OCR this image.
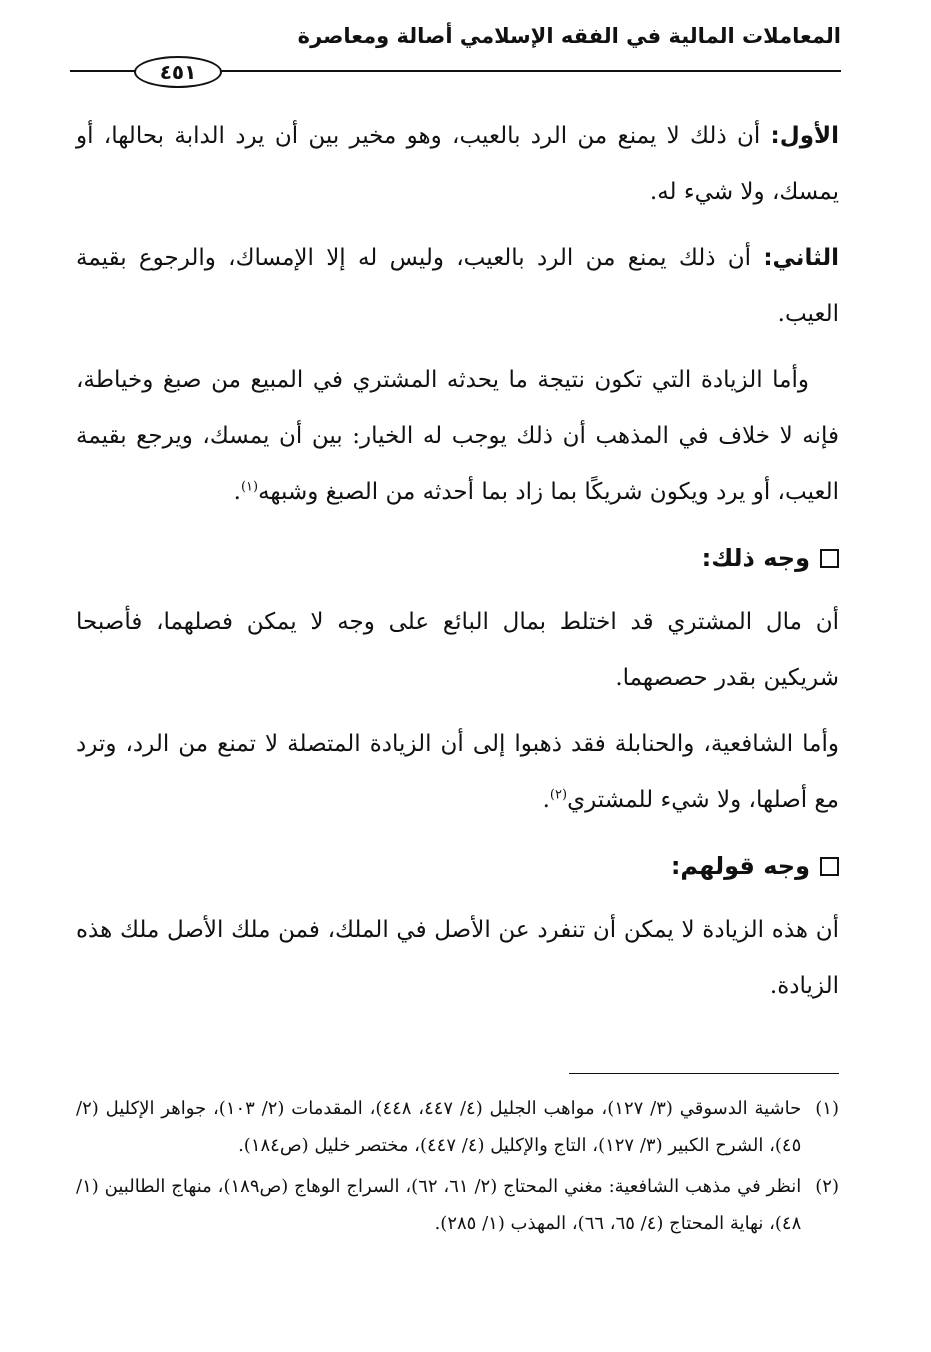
المعاملات المالية في الفقه الإسلامي أصالة ومعاصرة
٤٥١

الأول: أن ذلك لا يمنع من الرد بالعيب، وهو مخير بين أن يرد الدابة بحالها، أو يمسك، ولا شيء له.

الثاني: أن ذلك يمنع من الرد بالعيب، وليس له إلا الإمساك، والرجوع بقيمة العيب.

وأما الزيادة التي تكون نتيجة ما يحدثه المشتري في المبيع من صبغ وخياطة، فإنه لا خلاف في المذهب أن ذلك يوجب له الخيار: بين أن يمسك، ويرجع بقيمة العيب، أو يرد ويكون شريكًا بما زاد بما أحدثه من الصبغ وشبهه$^{(١)}$.

وجه ذلك:

أن مال المشتري قد اختلط بمال البائع على وجه لا يمكن فصلهما، فأصبحا شريكين بقدر حصصهما.

وأما الشافعية، والحنابلة فقد ذهبوا إلى أن الزيادة المتصلة لا تمنع من الرد، وترد مع أصلها، ولا شيء للمشتري$^{(٢)}$.

وجه قولهم:

أن هذه الزيادة لا يمكن أن تنفرد عن الأصل في الملك، فمن ملك الأصل ملك هذه الزيادة.

(١)
حاشية الدسوقي (٣/ ١٢٧)، مواهب الجليل (٤/ ٤٤٧، ٤٤٨)، المقدمات (٢/ ١٠٣)، جواهر الإكليل (٢/ ٤٥)، الشرح الكبير (٣/ ١٢٧)، التاج والإكليل (٤/ ٤٤٧)، مختصر خليل (ص١٨٤).
(٢)
انظر في مذهب الشافعية: مغني المحتاج (٢/ ٦١، ٦٢)، السراج الوهاج (ص١٨٩)، منهاج الطالبين (١/ ٤٨)، نهاية المحتاج (٤/ ٦٥، ٦٦)، المهذب (١/ ٢٨٥).
